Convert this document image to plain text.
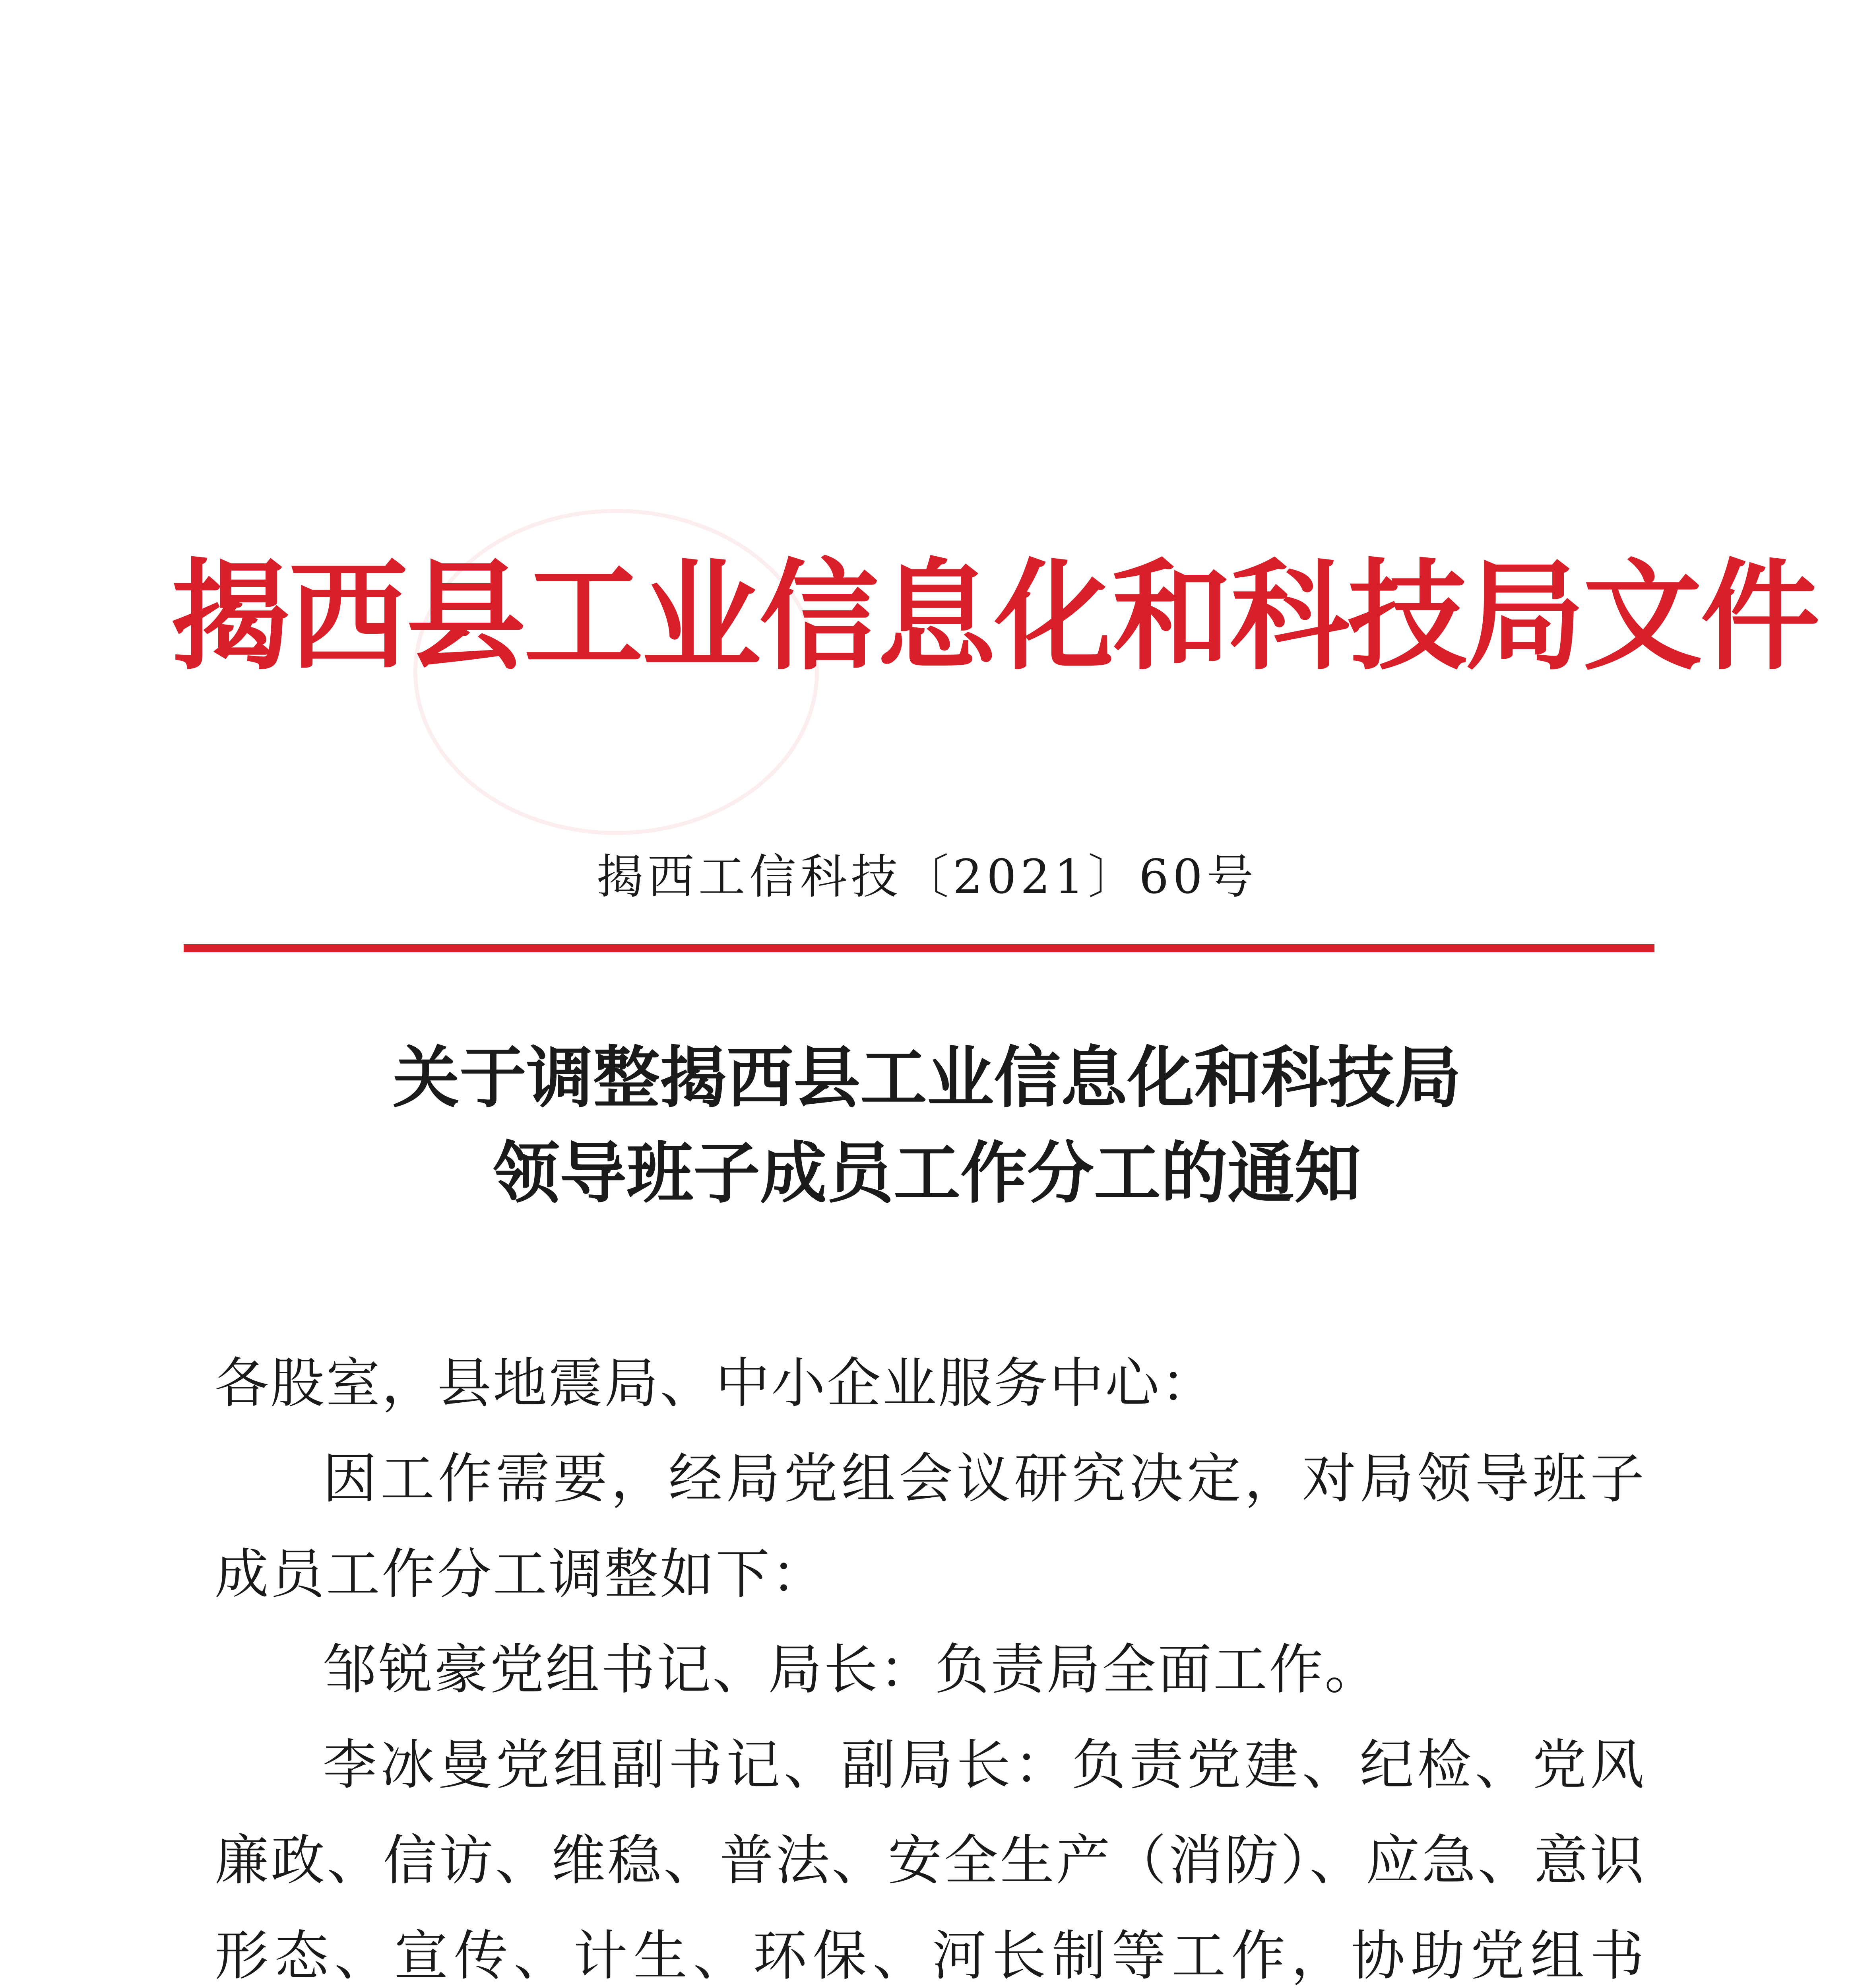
揭西县工业信息化和科技局文件
揭西工信科技〔2021〕60号
关于调整揭西县工业信息化和科技局
领导班子成员工作分工的通知

各股室，县地震局、中小企业服务中心：

因工作需要，经局党组会议研究决定，对局领导班子成员工作分工调整如下：

邹锐豪党组书记、局长：负责局全面工作。

李冰曼党组副书记、副局长：负责党建、纪检、党风廉政、信访、维稳、普法、安全生产（消防）、应急、意识形态、宣传、计生、环保、河长制等工作，协助党组书
